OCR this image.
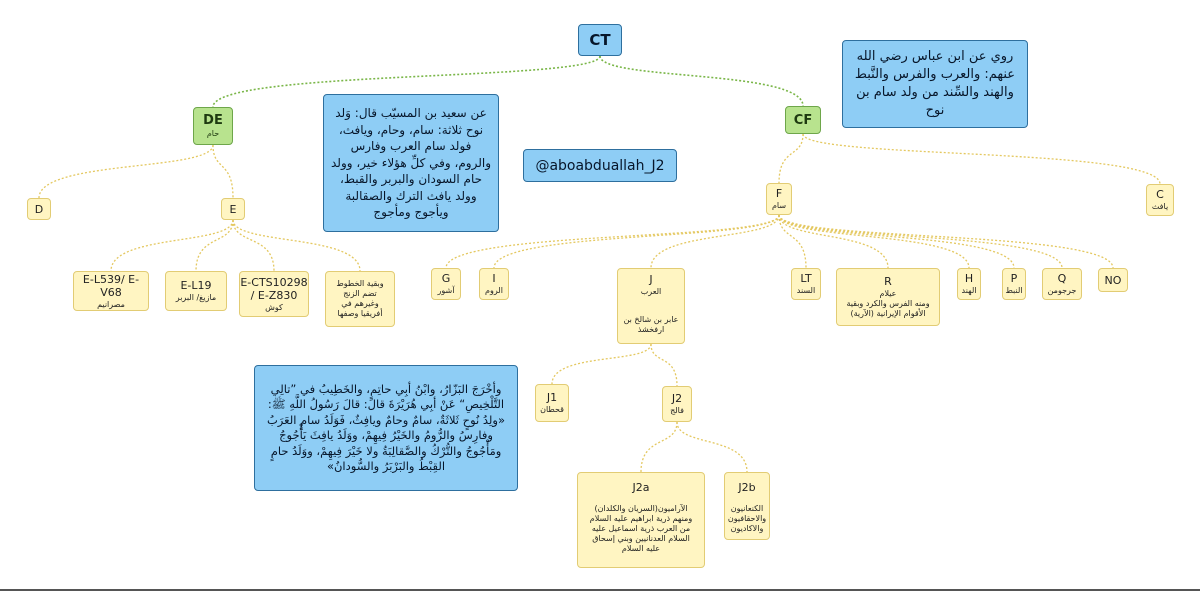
CT
DE
حام
CF
D	E
F
سام
C
يافث
E-L539/ E-V68
مصرانيم
E-L19
مازيغ/ البربر
E-CTS10298 / E-Z830
كوش
وبقية الخطوط تضم الزنج وغيرهم في أفريقيا وصفها
G
آشور
I
الروم
J
العرب
عابر بن شالخ بن ارفخشذ
LT
السند
R
عيلام
ومنه الفرس والكرد وبقية الأقوام الإيرانية (الآرية)
H
الهند
P
النبط
Q
جرجومن
NO
J1
قحطان
J2
فالج
J2a
الآراميون(السريان والكلدان) ومنهم ذرية ابراهيم عليه السلام من العرب ذرية اسماعيل عليه السلام العدنانيين وبني إسحاق عليه السلام
J2b
الكنعانيون والاحقافيون والاكاديون
روي عن ابن عباس رضي الله عنهم: والعرب والفرس والنَّبط والهند والسِّند من ولد سام بن نوح
عن سعيد بن المسيّب قال: وَلد نوح ثلاثة: سام، وحام، ويافث، فولد سام العرب وفارس والروم، وفي كلِّ هؤلاء خير، وولد حام السودان والبربر والقبط، وولد يافث الترك والصقالبة ويأجوج ومأجوج
@aboabduallah_J2
وأخْرَجَ البَزّارُ، وابْنُ أبِي حاتِمٍ، والخَطِيبُ في ”تالِي التَّلْخِيصِ“ عَنْ أبِي هُرَيْرَةَ قالَ: قالَ رَسُولُ اللَّهِ ﷺ: «ولِدُ نُوحٍ ثَلاثَةٌ، سامٌ وحامٌ ويافِثٌ، فَوَلَدُ سامٍ العَرَبُ وفارِسُ والرُّومُ والخَيْرُ فِيهِمْ، ووَلَدُ يافِثَ يَأْجُوجُ ومَأْجُوجُ والتُّرْكُ والصَّقالِبَةُ ولا خَيْرَ فِيهِمْ، ووَلَدُ حامٍ القِبْطُ والبَرْبَرُ والسُّودانُ»
